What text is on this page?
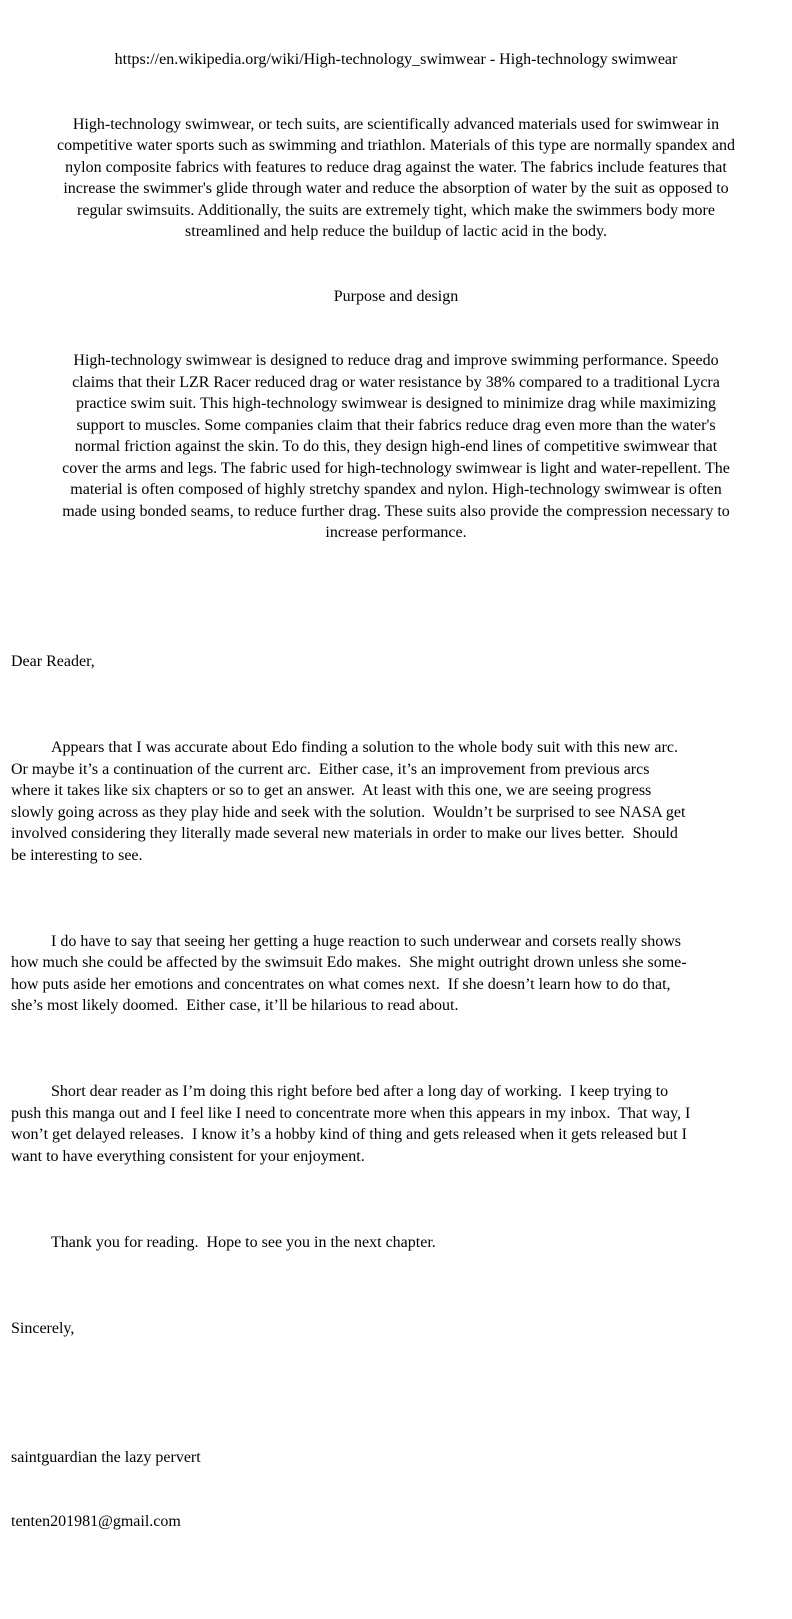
https://en.wikipedia.org/wiki/High-technology_swimwear - High-technology swimwear

High-technology swimwear, or tech suits, are scientifically advanced materials used for swimwear in
competitive water sports such as swimming and triathlon. Materials of this type are normally spandex and
nylon composite fabrics with features to reduce drag against the water. The fabrics include features that
increase the swimmer's glide through water and reduce the absorption of water by the suit as opposed to
regular swimsuits. Additionally, the suits are extremely tight, which make the swimmers body more
streamlined and help reduce the buildup of lactic acid in the body.

Purpose and design

High-technology swimwear is designed to reduce drag and improve swimming performance. Speedo
claims that their LZR Racer reduced drag or water resistance by 38% compared to a traditional Lycra
practice swim suit. This high-technology swimwear is designed to minimize drag while maximizing
support to muscles. Some companies claim that their fabrics reduce drag even more than the water's
normal friction against the skin. To do this, they design high-end lines of competitive swimwear that
cover the arms and legs. The fabric used for high-technology swimwear is light and water-repellent. The
material is often composed of highly stretchy spandex and nylon. High-technology swimwear is often
made using bonded seams, to reduce further drag. These suits also provide the compression necessary to
increase performance.

Dear Reader,

Appears that I was accurate about Edo finding a solution to the whole body suit with this new arc.
Or maybe it’s a continuation of the current arc.  Either case, it’s an improvement from previous arcs
where it takes like six chapters or so to get an answer.  At least with this one, we are seeing progress
slowly going across as they play hide and seek with the solution.  Wouldn’t be surprised to see NASA get
involved considering they literally made several new materials in order to make our lives better.  Should
be interesting to see.

I do have to say that seeing her getting a huge reaction to such underwear and corsets really shows
how much she could be affected by the swimsuit Edo makes.  She might outright drown unless she some-
how puts aside her emotions and concentrates on what comes next.  If she doesn’t learn how to do that,
she’s most likely doomed.  Either case, it’ll be hilarious to read about.

Short dear reader as I’m doing this right before bed after a long day of working.  I keep trying to
push this manga out and I feel like I need to concentrate more when this appears in my inbox.  That way, I
won’t get delayed releases.  I know it’s a hobby kind of thing and gets released when it gets released but I
want to have everything consistent for your enjoyment.

Thank you for reading.  Hope to see you in the next chapter.

Sincerely,

saintguardian the lazy pervert

tenten201981@gmail.com
